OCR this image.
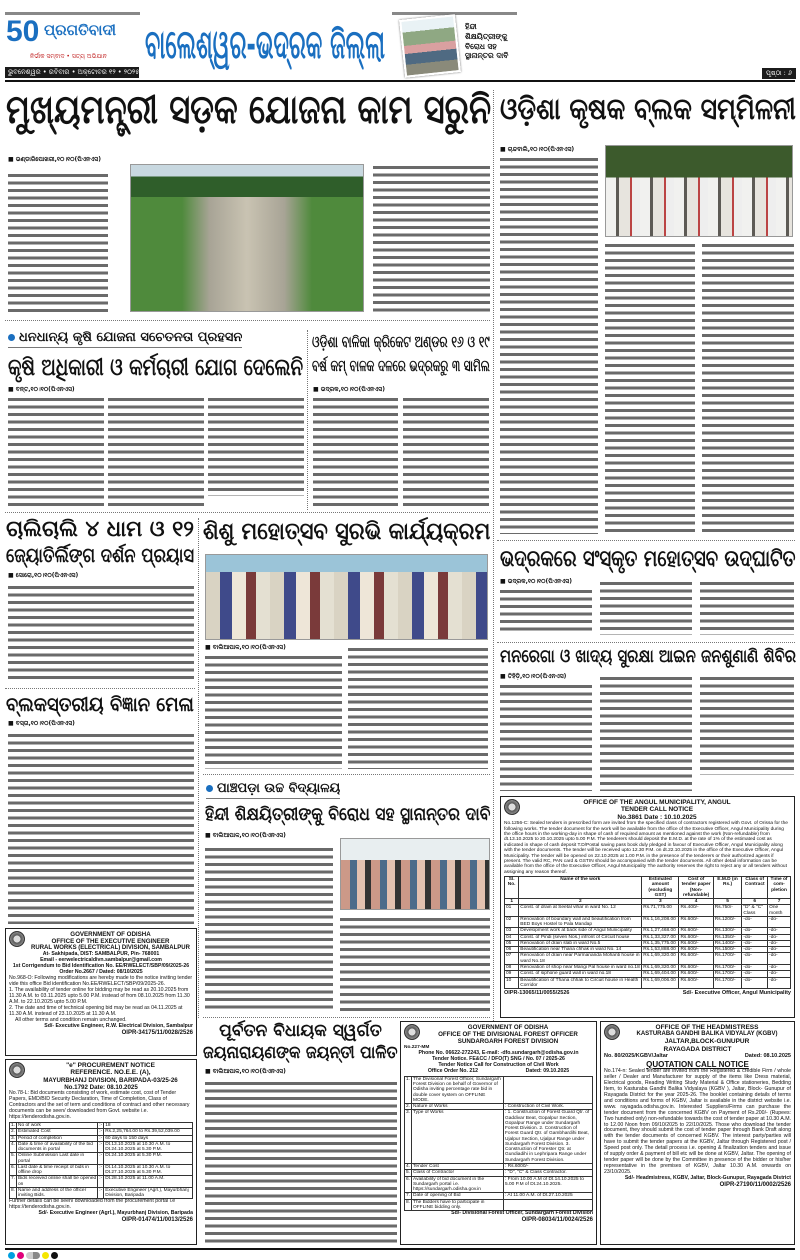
50 ପ୍ରଗତିବାଦୀ
ନିର୍ଭୀକ ସମ୍ବାଦ • ସତ୍ୟ ଅଭିଯାନ
ଭୁବନେଶ୍ୱର • ରବିବାର • ଅକ୍ଟୋବର ୧୨ • ୨୦୨୫
ବାଲେଶ୍ୱର-ଭଦ୍ରକ ଜିଲ୍ଲା	ହିନ୍ଦୀ ଶିକ୍ଷୟିତ୍ରୀଙ୍କୁ ବିରୋଧ ସହ ସ୍ଥାନାନ୍ତର ଦାବି
ପୃଷ୍ଠା : ୬
ମୁଖ୍ୟମନ୍ତ୍ରୀ ସଡ଼କ ଯୋଜନା କାମ ସରୁନି
■ ଭଣ୍ଡାରିପୋଖରୀ,୧୦।୧୦(ପିଏନଏସ)
ଓଡ଼ିଶା କୃଷକ ବ୍ଲକ ସମ୍ମିଳନୀ
■ ଚାନ୍ଦବାଲି,୧୦।୧୦(ପିଏନଏସ)
ଧନଧାନ୍ୟ କୃଷି ଯୋଜନା ସଚେତନତା ପ୍ରହସନ
କୃଷି ଅଧିକାରୀ ଓ କର୍ମଚାରୀ ଯୋଗ ଦେଲେନି
■ ବନ୍ତ,୧୦।୧୦(ପିଏନଏସ)
ଓଡ଼ିଶା ବାଳିକା କ୍ରିକେଟ ଅଣ୍ଡର ୧୬ ଓ ୧୯
ବର୍ଷ କମ୍ ବାଳକ ଦଳରେ ଭଦ୍ରକରୁ ୩ ସାମିଲ
■ ଭଦ୍ରକ,୧୦।୧୦(ପିଏନଏସ)
ଭଦ୍ରକରେ ସଂସ୍କୃତ ମହୋତ୍ସବ ଉଦ୍‌ଘାଟିତ
■ ଭଦ୍ରକ,୧୦।୧୦(ପିଏନଏସ)
ମନରେଗା ଓ ଖାଦ୍ୟ ସୁରକ୍ଷା ଆଇନ ଜନଶୁଣାଣି ଶିବିର
■ ତିହିଡ଼ି,୧୦।୧୦(ପିଏନଏସ)
ଚାଲିଚାଲି ୪ ଧାମ ଓ ୧୨
ଜ୍ୟୋତିର୍ଲିଙ୍ଗ ଦର୍ଶନ ପ୍ରୟାସ
■ ସୋରୋ,୧୦।୧୦(ପିଏନଏସ)
ବ୍ଲକସ୍ତରୀୟ ବିଜ୍ଞାନ ମେଳା
■ ବସ୍ତା,୧୦।୧୦(ପିଏନଏସ)
GOVERNMENT OF ODISHA
OFFICE OF THE EXECUTIVE ENGINEER
RURAL WORKS (ELECTRICAL) DIVISION, SAMBALPUR
At- Sakhipada, DIST: SAMBALPUR, Pin- 768001
Email - eerwelectricaldivn.sambalpur@gmail.com
1st Corrigendum to Bid Identification No. EE/RWELECT/SBP/09/2025-26
Order No.2667 / Dated: 08/10/2025
No.968-O: Following modifications are hereby made to the notice inviting tender vide this office Bid identification No.EE/RWELECT/SBP/09/2025-26.
1. The availability of tender online for bidding may be read as 20.10.2025 from 11.30 A.M. to 03.11.2025 upto 5.00 P.M. instead of from 08.10.2025 from 11.30 A.M. to 22.10.2025 upto 5.00 P.M.
2. The date and time of technical opening bid may be read as 04.11.2025 at 11.30 A.M. instead of 23.10.2025 at 11.30 A.M.
All other terms and condition remain unchanged.
Sd/- Executive Engineer, R.W. Electrical Division, Sambalpur
OIPR-34175/11/0028/2526
"e" PROCUREMENT NOTICE
REFERENCE. NO.E.E. (A),
MAYURBHANJ DIVISION, BARIPADA-03/25-26
No.1792 Date: 08.10.2025
No.78-L: Bid documents consisting of work, estimate cost, cost of Tender Papers, EMD/BID Security Declaration, Time of Completion, Class of Contractors and the set of term and conditions of contract and other necessary documents can be seen/ downloaded from Govt. website i.e. https://tenderodisha.gov.in.
1.	No of work	:-	18
2.	Estimated Cost	:-	Rs.2,25,764.00 to Rs.39,52,039.00
3.	Period of completion	:-	60 days to 150 days
4.	Date & time of availability of the bid documents in portal	:-	Dt.13.10.2025 at 10.30 A.M. to Dt.24.10.2025 at 5.30 P.M.
5.	Online Submission Last date in portal	:-	Dt.24.10.2025 at 5.30 P.M.
6.	Last date & time receipt of bids in offline drop	:-	Dt.14.10.2025 at 10.30 A.M. to Dt.27.10.2025 at 5.30 P.M.
7.	Bids received online shall be opened on	:-	Dt.28.10.2025 at 11.00 A.M.
8.	Name and address of the officer inviting Bids.	:-	Executive Engineer (Agrl.), Mayurbhanj Division, Baripada
Further details can be seen/ downloaded from the procurement portal i.e https://tenderodisha.gov.in.
Sd/- Executive Engineer (Agrl.), Mayurbhanj Division, Baripada
OIPR-01474/11/0013/2526
ଶିଶୁ ମହୋତ୍ସବ ସୁରଭି କାର୍ଯ୍ୟକ୍ରମ
■ ବାଲିଆପାଳ,୧୦।୧୦(ପିଏନଏସ)
ପାଞ୍ଚପଡ଼ା ଉଚ୍ଚ ବିଦ୍ୟାଳୟ
ହିନ୍ଦୀ ଶିକ୍ଷୟିତ୍ରୀଙ୍କୁ ବିରୋଧ ସହ ସ୍ଥାନାନ୍ତର ଦାବି
■ ବାଲିଆପାଳ,୧୦।୧୦(ପିଏନଏସ)
ପୂର୍ବତନ ବିଧାୟକ ସ୍ୱର୍ଗତ
ଜୟନାରାୟଣଙ୍କ ଜୟନ୍ତୀ ପାଳିତ
■ ବାଲିଆପାଳ,୧୦।୧୦(ପିଏନଏସ)
OFFICE OF THE ANGUL MUNICIPALITY, ANGUL
TENDER CALL NOTICE
No.3861 Date : 10.10.2025
No.1256-C: Sealed tenders in prescribed form are invited from the specified class of contractors registered with Govt. of Orissa for the following works. The tender document for the work will be available from the office of the Executive Officer, Angul Municipality during the office hours in the working-day in shape of cash of required amount as mentioned against the work (Non-refundable) from dt.13.10.2025 to 20.10.2025 upto 5.00 P.M. The tenderers should deposit the E.M.D. at the rate of 1% of the estimated cost as indicated in shape of cash deposit T.D/Postal saving pass book duly pledged in favour of Executive Officer, Angul Municipality along with the tender documents. The tender will be received upto 12.30 P.M. on dt.22.10.2025 in the office of the Executive Officer, Angul Municipality. The tender will be opened on 22.10.2025 at 1.00 P.M. in the presence of the tenderers or their authorized agents if present. The valid RC, PAN card & GSTIN should be accompanied with the tender documents. All other detail information can be available from the office of the Executive Officer, Angul Municipality The authority reserves the right to reject any or all tenders without assigning any reason thereof.
Sl. No.	Name of the work	Estimated amount (excluding GST)	Cost of tender paper (Non-refundable)	E.M.D (in Rs.)	Class of Contract	Time of com-pletion
1	2	3	4	5	6	7
01	Const. of drain at Seetal vihar in ward No. 12	Rs.71,775.00	Rs.400/-	Rs.750/-	"D" & "C" Class	One month
02	Renovation of boundary wall and beautification from BED Boys Hostel to Pala Mandap	Rs.1,16,208.00	Rs.600/-	Rs.1200/-	-do-	-do-
03	Development work at back side of Angul Municipality	Rs.1,27,468.00	Rs.600/-	Rs.1300/-	-do-	-do-
04	Const. of Pindi (seven Nos.) infront of Circuit house	Rs.1,33,327.00	Rs.600/-	Rs.1350/-	-do-	-do-
05	Renovation of drain slab in ward No.5	Rs.1,35,775.00	Rs.600/-	Rs.1400/-	-do-	-do-
06	Beautification near Thana chhak in ward No. 14	Rs.1,53,888.00	Rs.600/-	Rs.1500/-	-do-	-do-
07	Renovation of drain near Parmananda Mohanti house in ward No.18	Rs.1,69,320.00	Rs.600/-	Rs.1700/-	-do-	-do-
08	Renovation of shop near Mangi Pal house in ward no.18	Rs.1,69,320.00	Rs.600/-	Rs.1700/-	-do-	-do-
09	Const. of siphone guard wall in ward no.18	Rs.1,69,404.00	Rs.600/-	Rs.1700/-	-do-	-do-
10	Beautification of Thana chhak to Circuit house in Health Corridor	Rs.1,69,006.00	Rs.600/-	Rs.1700/-	-do-	-do-
OIPR-13065/11/0055/2526	Sd/- Executive Officer, Angul Municipality
GOVERNMENT OF ODISHA
OFFICE OF THE DIVISIONAL FOREST OFFICER
SUNDARGARH FOREST DIVISION
No.227-MM
Phone No. 06622-272243, E-mail: -dfo.sundargarh@odisha.gov.in
Tender Notice. FE&CC / DFO(T) SNG / No. 07 / 2025-26
Tender Notice Call for Construction of Civil Work
Office Order No. 212	Dated: 09.10.2025
1.	The Divisional Forest Officer, Sundargarh Forest Division on behalf of Governor of Odisha inviting percentage rate bid in double cover system on OFFLINE MODE.	
2.	Nature of Works	: Construction of Civil Work.
3.	Type of Works	: 1. Construction of Forest Guard Qtr. of Gaddivar Beat, Gopalpur Section, Gopalpur Range under Sundargarh Forest Division. 2. Construction of Forest Guard Qtr. of Gambhardihi Beat, Ujalpur Section, Ujalpur Range under Sundargarh Forest Division. 3. Construction of Forester Qtr. at Gundiadihi in Lephripara Range under Sundargarh Forest Division.
4.	Tender Cost	: Rs.6000/-
5.	Class of Contractor	: "D", "C" & Class Contractor.
6.	Availability of bid document in the Sundargarh portal i.e. https://sundargarh.odisha.gov.in	: From 10.00 A.M of Dt.14.10.2025 to 5.00 P.M of Dt.24.10.2025.
7.	Date of opening of Bid	: At 11.00 A.M. of Dt.27.10.2025
8.	The Bidders have to participate in OFFLINE bidding only.	
Sd/- Divisional Forest Officer, Sundargarh Forest Division
OIPR-08034/11/0024/2526
OFFICE OF THE HEADMISTRESS
KASTURABA GANDHI BALIKA VIDYALAY (KGBV)
JALTAR,BLOCK-GUNUPUR
RAYAGADA DISTRICT
No. 80/2025/KGBV/Jaltar	Dated: 08.10.2025
QUOTATION CALL NOTICE
No.174-n: Sealed tender are invited from the Registered & credible Firm / whole seller / Dealer and Manufacturer for supply of the items like Dress material, Electrical goods, Reading Writing Study Material & Office stationeries, Bedding Item, to Kasturaba Gandhi Balika Vidyalaya (KGBV ), Jaltar, Block- Gunupur of Rayagada District for the year 2025-26. The booklet containing details of terms and conditions and forms of KGBV, Jaltar is available in the district website i.e. www. rayagada.odisha.gov.in. Interested Suppliers/Firms can purchase the tender document from the concerned KGBV on Payment of Rs.200/- (Rupees: Two hundred only) non-refundable towards the cost of tender paper at 10.30 A.M. to 12.00 Noon from 09/10/2025 to 22/10/2025. Those who download the tender document, they should submit the cost of tender paper through Bank Draft along with the tender documents of concerned KGBV. The interest party/parties will have to submit the tender papers at the KGBV, Jaltar through Registered post / Speed post only. The detail process i.e. opening & finalization tenders and issue of supply order & payment of bill etc will be done at KGBV, Jaltar. The opening of tender paper will be done by the Committee in presence of the bidder or his/her representative in the premises of KGBV, Jaltar 10.30 A.M. onwards on 23/10/2025.
Sd/- Headmistress, KGBV, Jaltar, Block-Gunupur, Rayagada District
OIPR-27190/11/0002/2526
